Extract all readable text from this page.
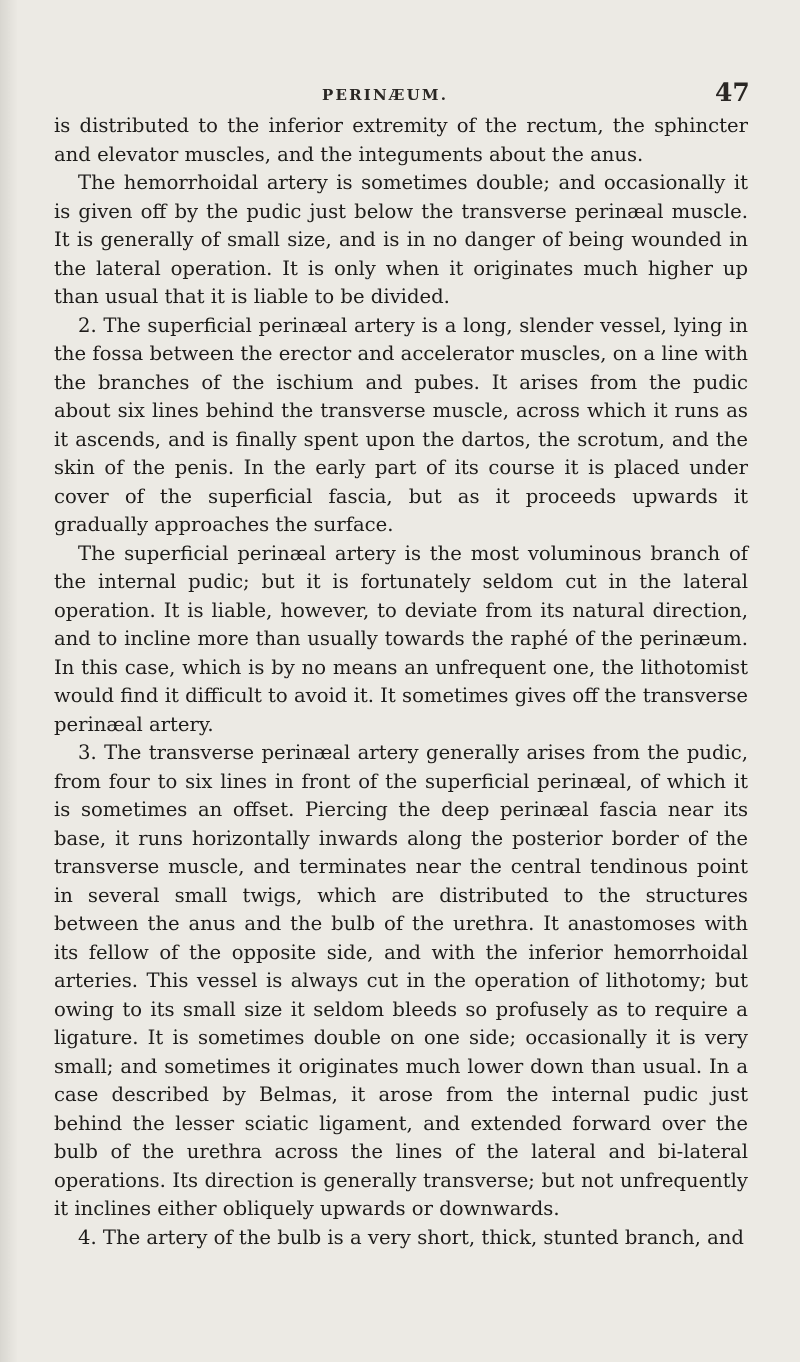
PERINÆUM.	47

is distributed to the inferior extremity of the rectum, the sphincter and elevator muscles, and the integuments about the anus.

The hemorrhoidal artery is sometimes double; and occasionally it is given off by the pudic just below the transverse perinæal muscle. It is generally of small size, and is in no danger of being wounded in the lateral operation. It is only when it originates much higher up than usual that it is liable to be divided.

2. The superficial perinæal artery is a long, slender vessel, lying in the fossa between the erector and accelerator muscles, on a line with the branches of the ischium and pubes. It arises from the pudic about six lines behind the transverse muscle, across which it runs as it ascends, and is finally spent upon the dartos, the scrotum, and the skin of the penis. In the early part of its course it is placed under cover of the superficial fascia, but as it proceeds upwards it gradually approaches the surface.

The superficial perinæal artery is the most voluminous branch of the internal pudic; but it is fortunately seldom cut in the lateral operation. It is liable, however, to deviate from its natural direction, and to incline more than usually towards the raphé of the perinæum. In this case, which is by no means an unfrequent one, the lithotomist would find it difficult to avoid it. It sometimes gives off the transverse perinæal artery.

3. The transverse perinæal artery generally arises from the pudic, from four to six lines in front of the superficial perinæal, of which it is sometimes an offset. Piercing the deep perinæal fascia near its base, it runs horizontally inwards along the posterior border of the transverse muscle, and terminates near the central tendinous point in several small twigs, which are distributed to the structures between the anus and the bulb of the urethra. It anastomoses with its fellow of the opposite side, and with the inferior hemorrhoidal arteries. This vessel is always cut in the operation of lithotomy; but owing to its small size it seldom bleeds so profusely as to require a ligature. It is sometimes double on one side; occasionally it is very small; and sometimes it originates much lower down than usual. In a case described by Belmas, it arose from the internal pudic just behind the lesser sciatic ligament, and extended forward over the bulb of the urethra across the lines of the lateral and bi-lateral operations. Its direction is generally transverse; but not unfrequently it inclines either obliquely upwards or downwards.

4. The artery of the bulb is a very short, thick, stunted branch, and
